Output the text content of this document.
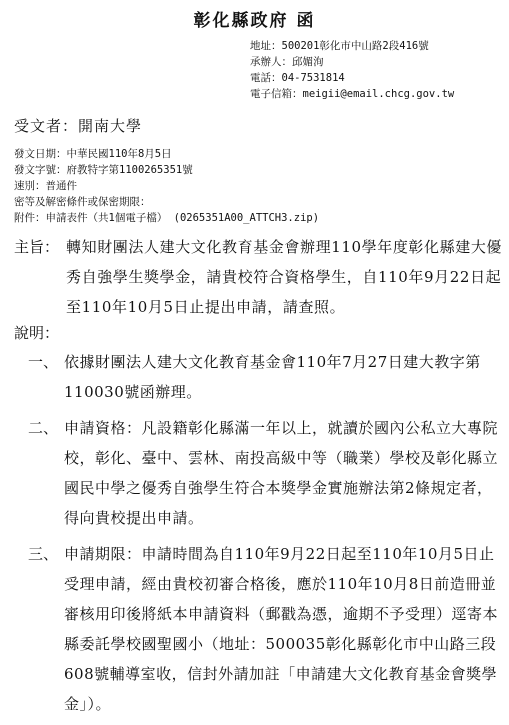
彰化縣政府 函
地址：500201彰化市中山路2段416號
承辦人：邱媚洵
電話：04-7531814
電子信箱：meigii@email.chcg.gov.tw
受文者：開南大學
發文日期：中華民國110年8月5日
發文字號：府教特字第1100265351號
速別：普通件
密等及解密條件或保密期限：
附件：申請表件（共1個電子檔） (0265351A00_ATTCH3.zip)
主旨： 轉知財團法人建大文化教育基金會辦理110學年度彰化縣建大優秀自強學生獎學金，請貴校符合資格學生，自110年9月22日起至110年10月5日止提出申請，請查照。
說明：
一、 依據財團法人建大文化教育基金會110年7月27日建大教字第110030號函辦理。
二、 申請資格：凡設籍彰化縣滿一年以上，就讀於國內公私立大專院校，彰化、臺中、雲林、南投高級中等（職業）學校及彰化縣立國民中學之優秀自強學生符合本獎學金實施辦法第2條規定者，得向貴校提出申請。
三、 申請期限：申請時間為自110年9月22日起至110年10月5日止受理申請，經由貴校初審合格後，應於110年10月8日前造冊並審核用印後將紙本申請資料（郵戳為憑，逾期不予受理）逕寄本縣委託學校國聖國小（地址：500035彰化縣彰化市中山路三段608號輔導室收，信封外請加註「申請建大文化教育基金會獎學金」）。
